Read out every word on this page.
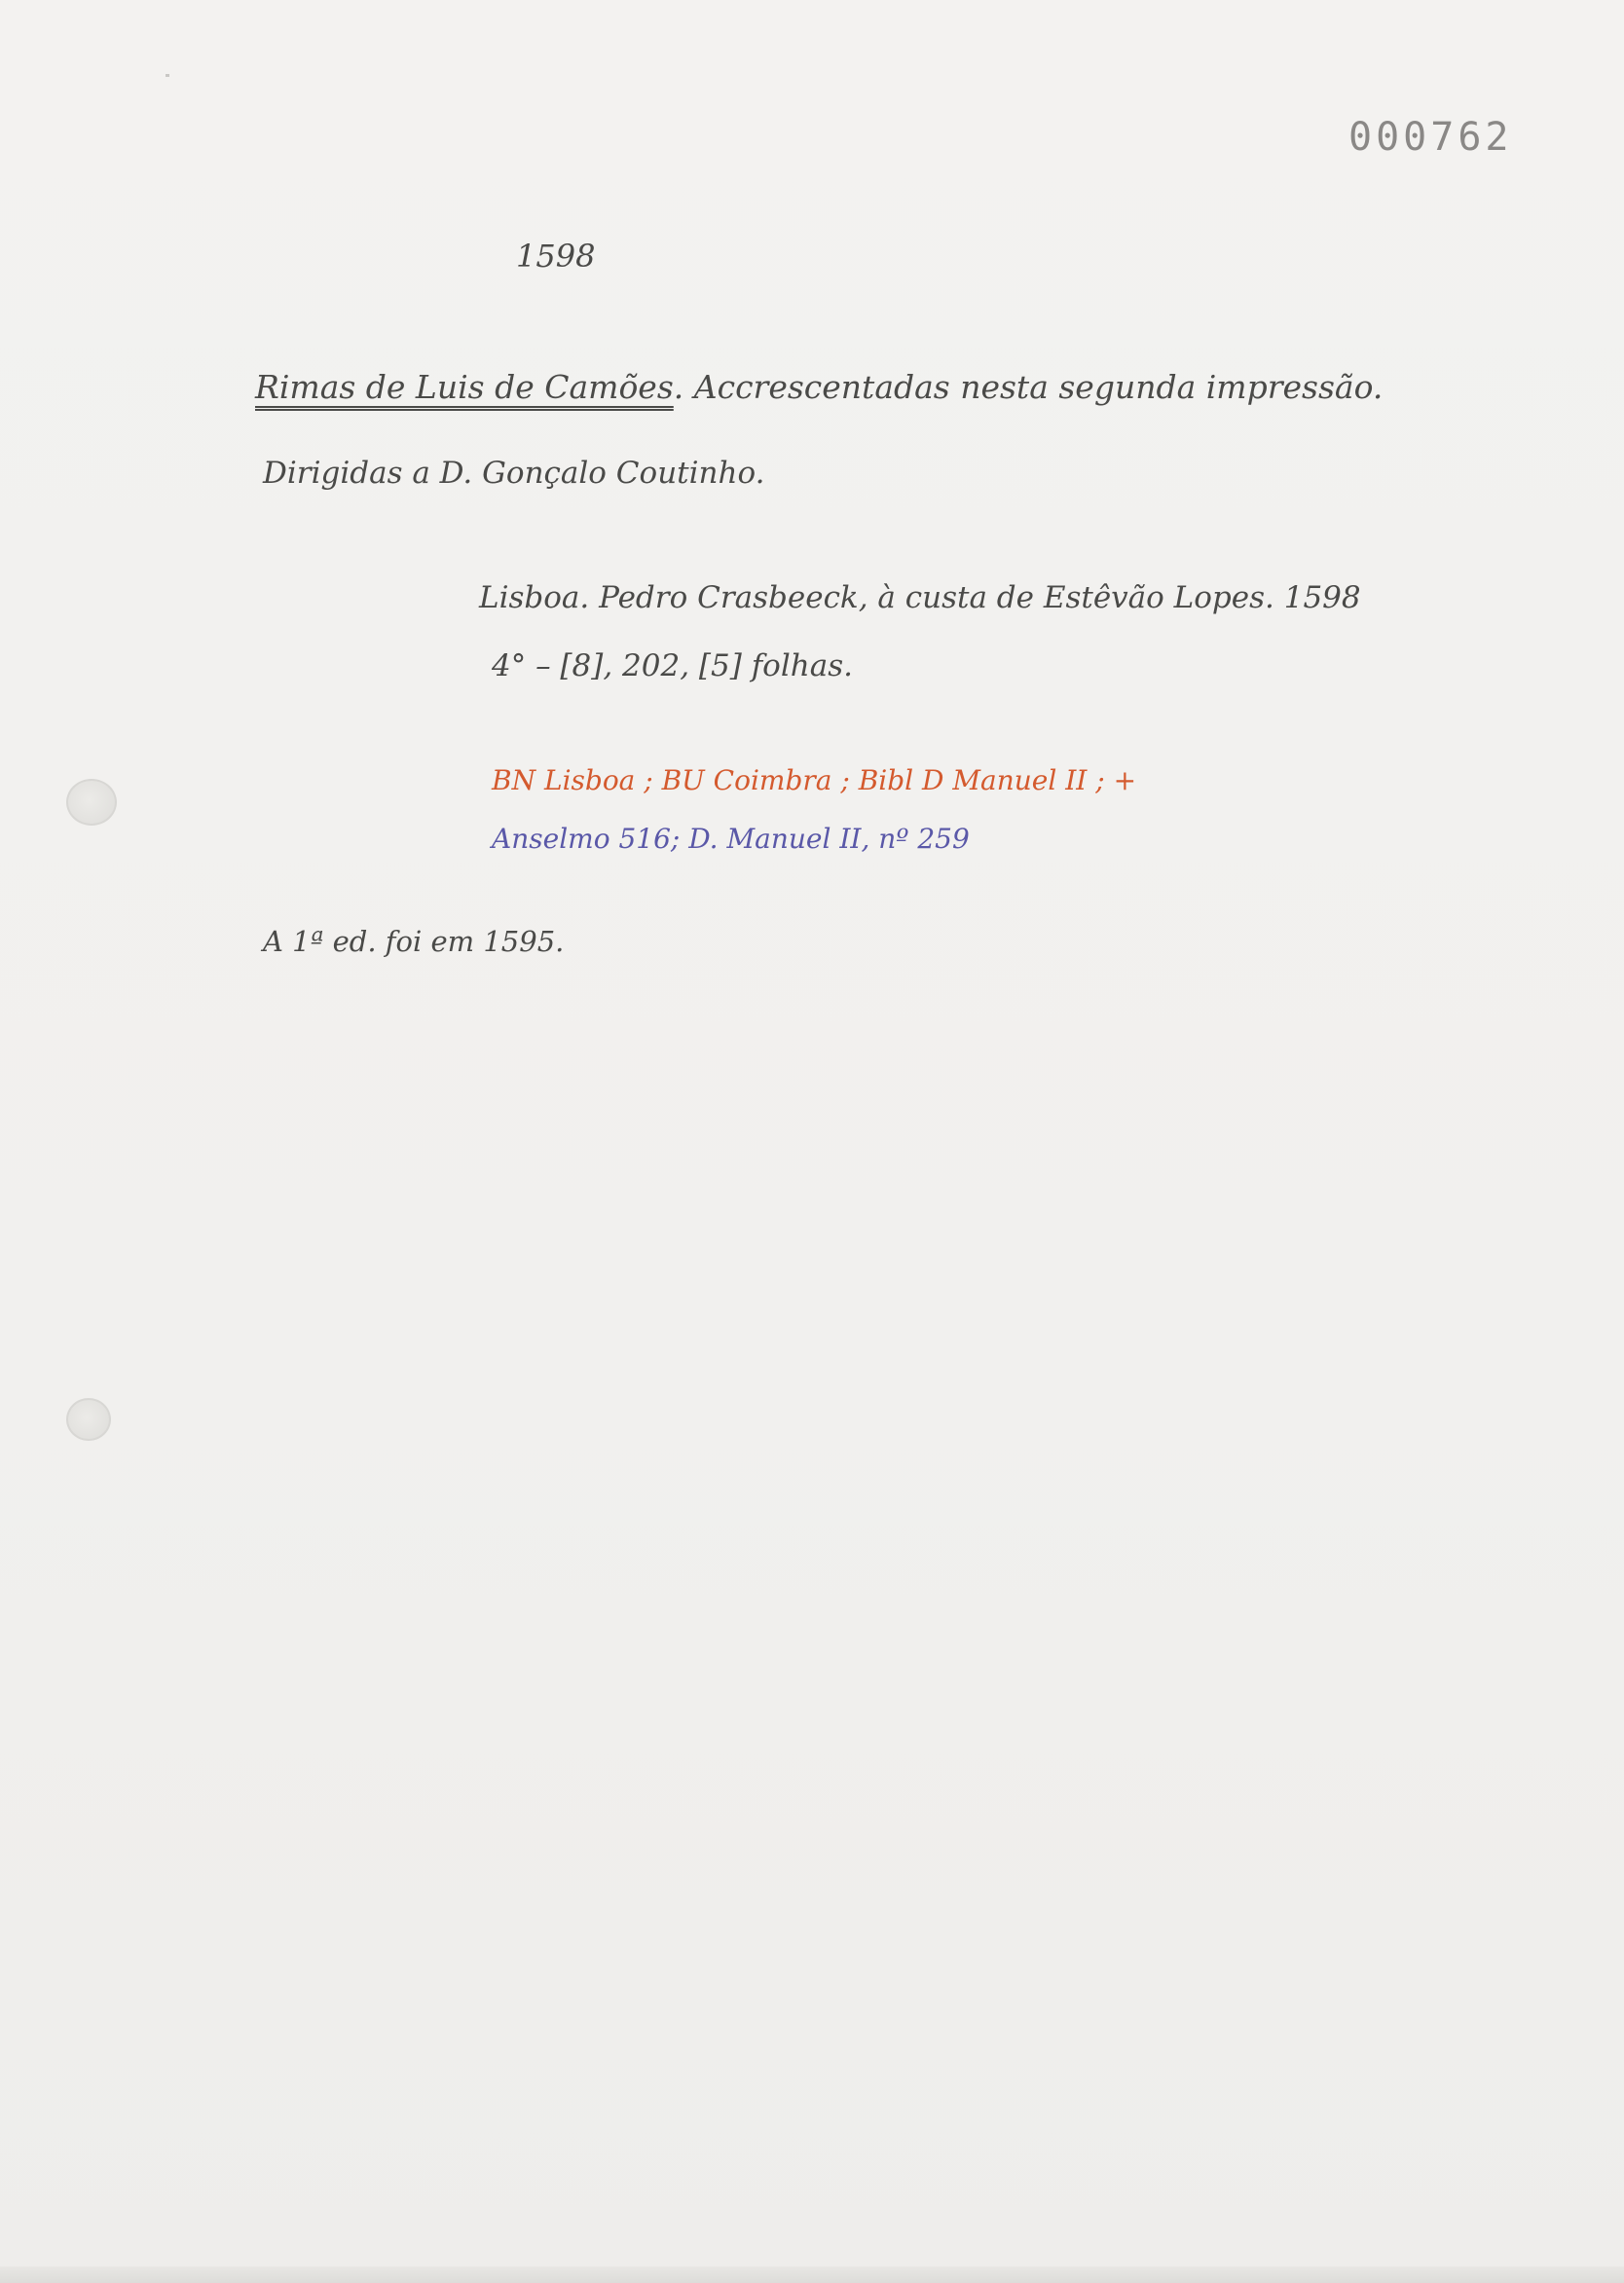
000762
1598
Rimas de Luis de Camões. Accrescentadas nesta segunda impressão.
Dirigidas a D. Gonçalo Coutinho.
Lisboa. Pedro Crasbeeck, à custa de Estêvão Lopes. 1598
4° – [8], 202, [5] folhas.
BN Lisboa ; BU Coimbra ; Bibl D Manuel II ; +
Anselmo 516; D. Manuel II, nº 259
A 1ª ed. foi em 1595.
